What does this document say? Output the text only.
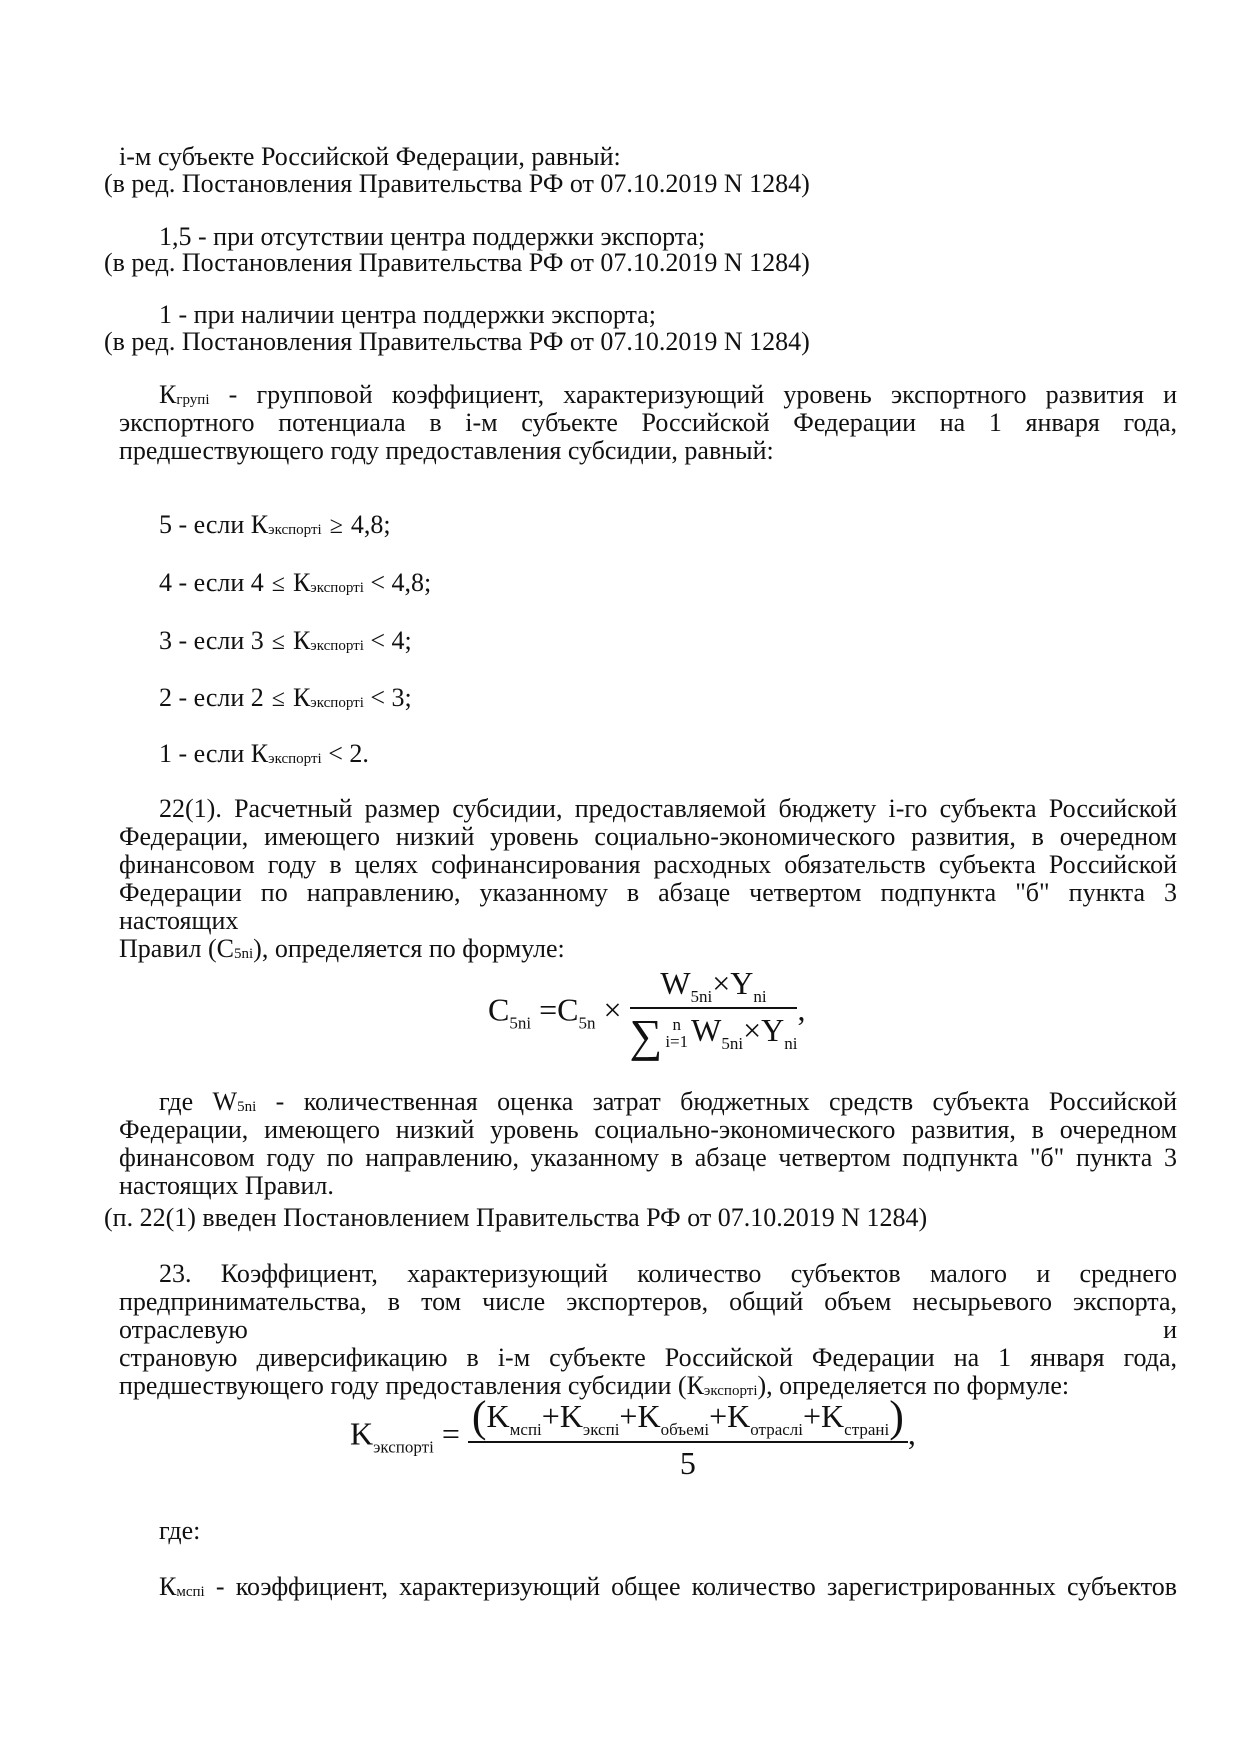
i-м субъекте Российской Федерации, равный:
(в ред. Постановления Правительства РФ от 07.10.2019 N 1284)
1,5 - при отсутствии центра поддержки экспорта;
(в ред. Постановления Правительства РФ от 07.10.2019 N 1284)
1 - при наличии центра поддержки экспорта;
(в ред. Постановления Правительства РФ от 07.10.2019 N 1284)
$К_{групi}$ - групповой коэффициент, характеризующий уровень экспортного развития и
экспортного потенциала в i-м субъекте Российской Федерации на 1 января года,
предшествующего году предоставления субсидии, равный:
5 - если $К_{экспортi} \ge 4,8$;
4 - если $4 \le К_{экспортi} < 4,8$;
3 - если $3 \le К_{экспортi} < 4$;
2 - если $2 \le К_{экспортi} < 3$;
1 - если $К_{экспортi} < 2$.
22(1). Расчетный размер субсидии, предоставляемой бюджету i-го субъекта Российской
Федерации, имеющего низкий уровень социально-экономического развития, в очередном
финансовом году в целях софинансирования расходных обязательств субъекта Российской
Федерации по направлению, указанному в абзаце четвертом подпункта "б" пункта 3 настоящих
Правил $(C_{5ni})$, определяется по формуле:
$C_{5ni} =C_{5n} \times W_{5ni}\times Y_{ni}$
∑ n
i=1 $W_{5ni}\times Y_{ni}$ ,
где $W_{5ni}$ - количественная оценка затрат бюджетных средств субъекта Российской
Федерации, имеющего низкий уровень социально-экономического развития, в очередном
финансовом году по направлению, указанному в абзаце четвертом подпункта "б" пункта 3
настоящих Правил.
(п. 22(1) введен Постановлением Правительства РФ от 07.10.2019 N 1284)
23. Коэффициент, характеризующий количество субъектов малого и среднего
предпринимательства, в том числе экспортеров, общий объем несырьевого экспорта, отраслевую и
страновую диверсификацию в i-м субъекте Российской Федерации на 1 января года,
предшествующего году предоставления субсидии $(К_{экспортi})$, определяется по формуле:
$K_{экспортi} = \frac{(K_{мспi}+K_{экспi}+K_{объемi}+K_{отраслi}+K_{странi})}{5}$ ,
где:
$К_{мспi}$ - коэффициент, характеризующий общее количество зарегистрированных субъектов
